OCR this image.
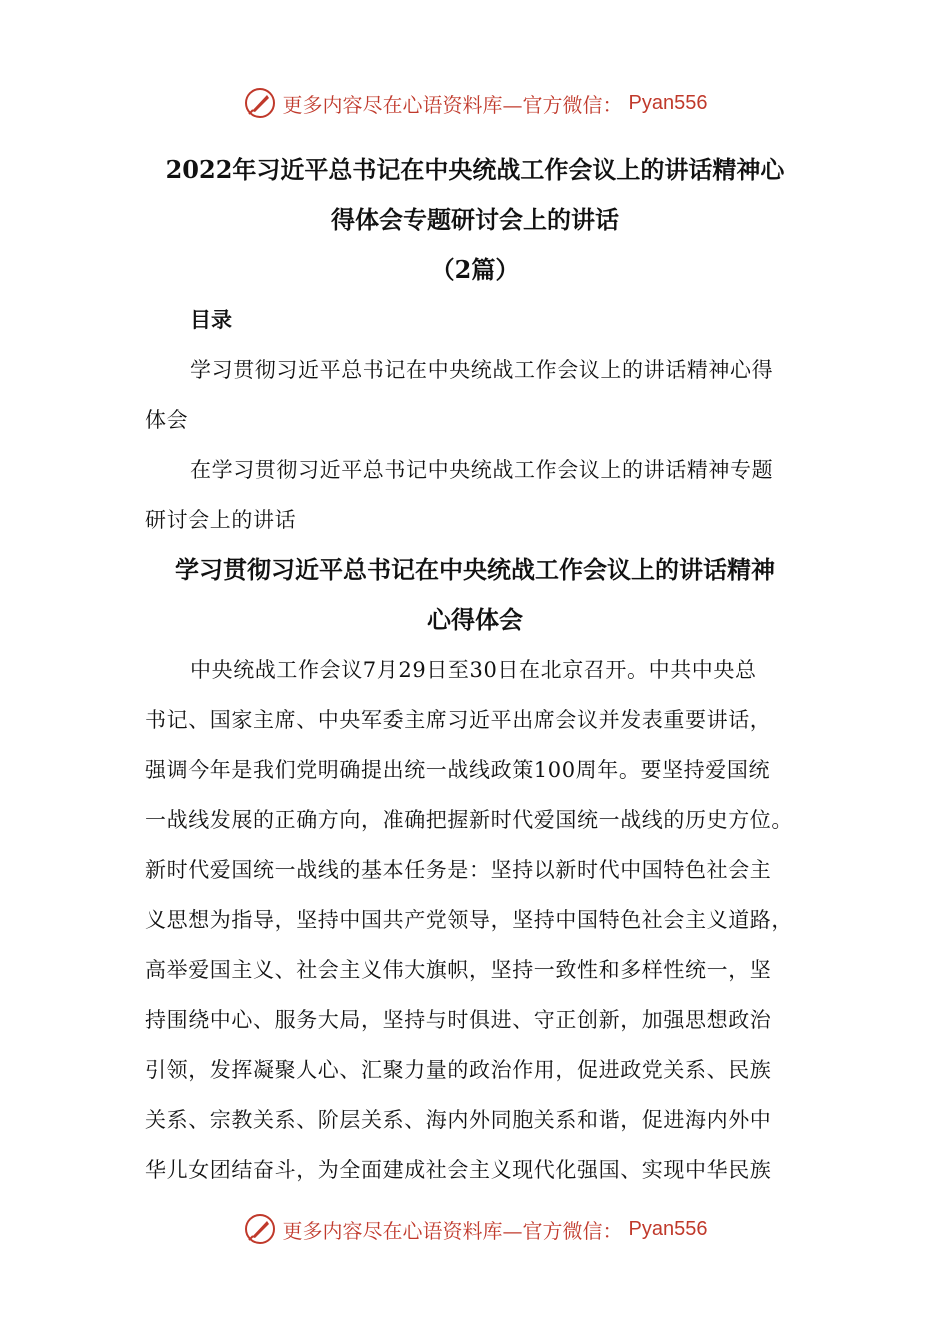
更多内容尽在心语资料库—官方微信： Pyan556
2022年习近平总书记在中央统战工作会议上的讲话精神心
得体会专题研讨会上的讲话
（2篇）
目录
学习贯彻习近平总书记在中央统战工作会议上的讲话精神心得
体会
在学习贯彻习近平总书记中央统战工作会议上的讲话精神专题
研讨会上的讲话
学习贯彻习近平总书记在中央统战工作会议上的讲话精神
心得体会
中央统战工作会议7月29日至30日在北京召开。中共中央总
书记、国家主席、中央军委主席习近平出席会议并发表重要讲话，
强调今年是我们党明确提出统一战线政策100周年。要坚持爱国统
一战线发展的正确方向，准确把握新时代爱国统一战线的历史方位。
新时代爱国统一战线的基本任务是：坚持以新时代中国特色社会主
义思想为指导，坚持中国共产党领导，坚持中国特色社会主义道路，
高举爱国主义、社会主义伟大旗帜，坚持一致性和多样性统一，坚
持围绕中心、服务大局，坚持与时俱进、守正创新，加强思想政治
引领，发挥凝聚人心、汇聚力量的政治作用，促进政党关系、民族
关系、宗教关系、阶层关系、海内外同胞关系和谐，促进海内外中
华儿女团结奋斗，为全面建成社会主义现代化强国、实现中华民族
更多内容尽在心语资料库—官方微信： Pyan556
